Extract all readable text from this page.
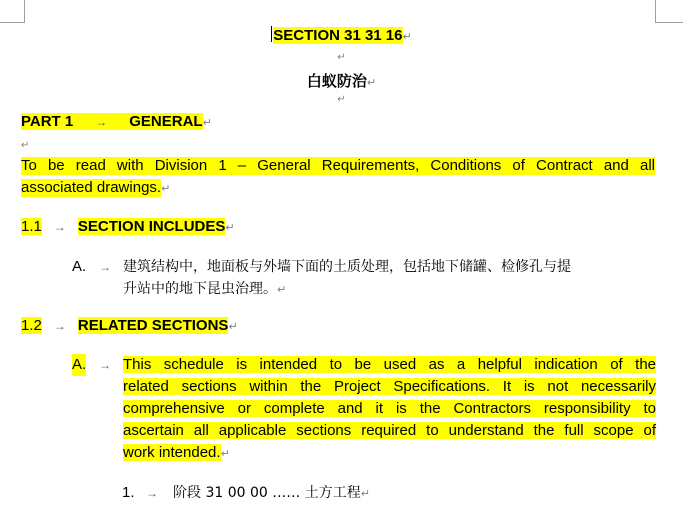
SECTION 31 31 16↵
↵
白蚁防治↵
↵
PART 1 → GENERAL↵
↵
To be read with Division 1 – General Requirements, Conditions of Contract and all
associated drawings.↵
1.1 → SECTION INCLUDES↵
A. → 建筑结构中，地面板与外墙下面的土质处理，包括地下储罐、检修孔与提
升站中的地下昆虫治理。↵
1.2 → RELATED SECTIONS↵
A. → This schedule is intended to be used as a helpful indication of the
related sections within the Project Specifications. It is not necessarily
comprehensive or complete and it is the Contractors responsibility to
ascertain all applicable sections required to understand the full scope of
work intended.↵
1. → 阶段 31 00 00 …… 土方工程↵
